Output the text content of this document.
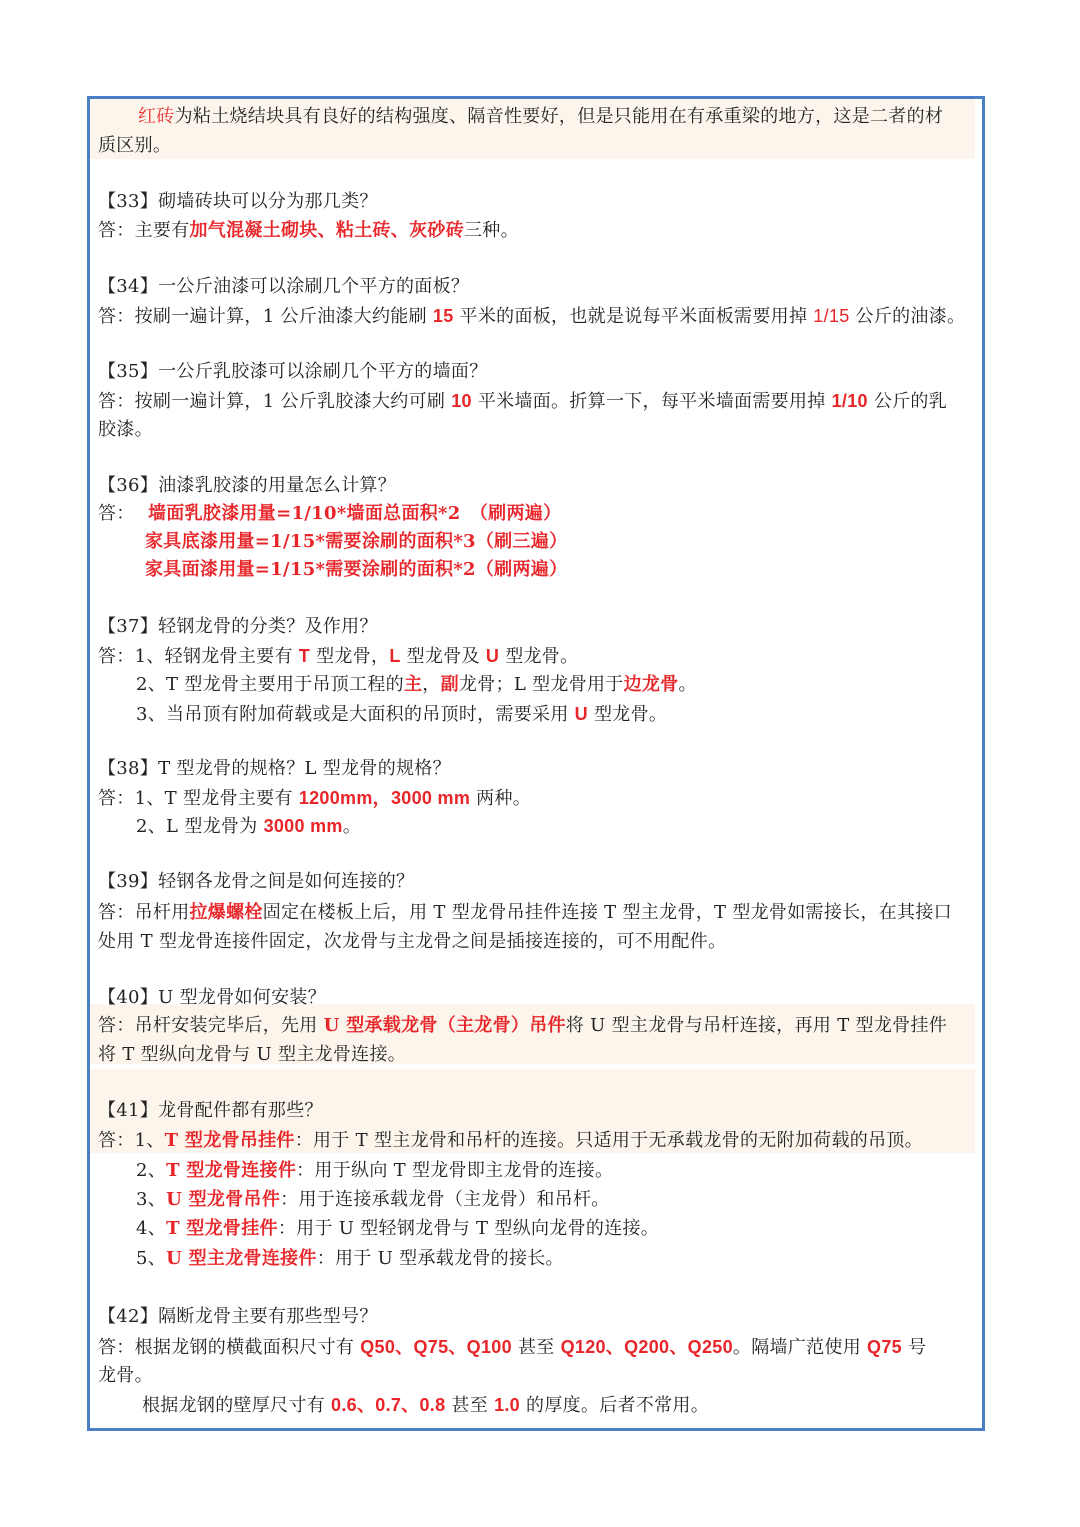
红砖为粘土烧结块具有良好的结构强度、隔音性要好，但是只能用在有承重梁的地方，这是二者的材
质区别。
【33】砌墙砖块可以分为那几类？
答：主要有加气混凝土砌块、粘土砖、灰砂砖三种。
【34】一公斤油漆可以涂刷几个平方的面板？
答：按刷一遍计算，1 公斤油漆大约能刷 15 平米的面板，也就是说每平米面板需要用掉 1/15 公斤的油漆。
【35】一公斤乳胶漆可以涂刷几个平方的墙面？
答：按刷一遍计算，1 公斤乳胶漆大约可刷 10 平米墙面。折算一下，每平米墙面需要用掉 1/10 公斤的乳
胶漆。
【36】油漆乳胶漆的用量怎么计算？
答： 墙面乳胶漆用量=1/10*墙面总面积*2　（刷两遍）
家具底漆用量=1/15*需要涂刷的面积*3（刷三遍）
家具面漆用量=1/15*需要涂刷的面积*2（刷两遍）
【37】轻钢龙骨的分类？及作用？
答：1、轻钢龙骨主要有 T 型龙骨，L 型龙骨及 U 型龙骨。
2、T 型龙骨主要用于吊顶工程的主，副龙骨；L 型龙骨用于边龙骨。
3、当吊顶有附加荷载或是大面积的吊顶时，需要采用 U 型龙骨。
【38】T 型龙骨的规格？L 型龙骨的规格？
答：1、T 型龙骨主要有 1200mm，3000 mm 两种。
2、L 型龙骨为 3000 mm。
【39】轻钢各龙骨之间是如何连接的？
答：吊杆用拉爆螺栓固定在楼板上后，用 T 型龙骨吊挂件连接 T 型主龙骨，T 型龙骨如需接长，在其接口
处用 T 型龙骨连接件固定，次龙骨与主龙骨之间是插接连接的，可不用配件。
【40】U 型龙骨如何安装？
答：吊杆安装完毕后，先用 U 型承载龙骨（主龙骨）吊件将 U 型主龙骨与吊杆连接，再用 T 型龙骨挂件
将 T 型纵向龙骨与 U 型主龙骨连接。
【41】龙骨配件都有那些？
答：1、T 型龙骨吊挂件：用于 T 型主龙骨和吊杆的连接。只适用于无承载龙骨的无附加荷载的吊顶。
2、T 型龙骨连接件：用于纵向 T 型龙骨即主龙骨的连接。
3、U 型龙骨吊件：用于连接承载龙骨（主龙骨）和吊杆。
4、T 型龙骨挂件：用于 U 型轻钢龙骨与 T 型纵向龙骨的连接。
5、U 型主龙骨连接件：用于 U 型承载龙骨的接长。
【42】隔断龙骨主要有那些型号？
答：根据龙钢的横截面积尺寸有 Q50、Q75、Q100 甚至 Q120、Q200、Q250。隔墙广范使用 Q75 号
龙骨。
根据龙钢的壁厚尺寸有 0.6、0.7、0.8 甚至 1.0 的厚度。后者不常用。
